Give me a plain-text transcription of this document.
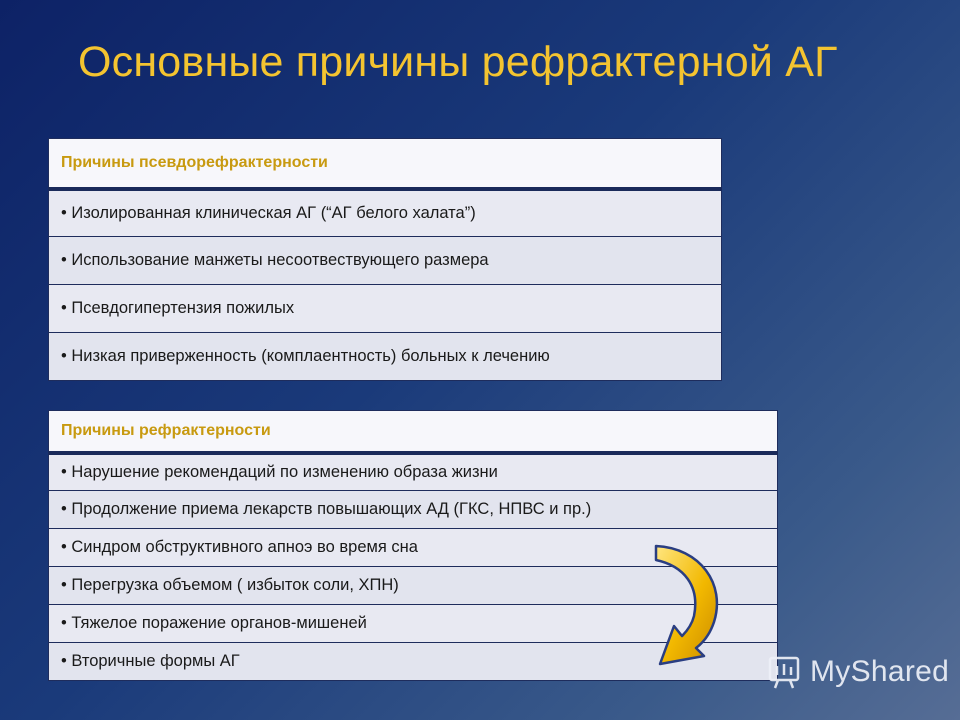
Основные причины рефрактерной АГ
Причины псевдорефрактерности
• Изолированная клиническая АГ (“АГ белого халата”)
• Использование манжеты несоотвествующего размера
• Псевдогипертензия пожилых
• Низкая приверженность (комплаентность) больных к лечению
Причины рефрактерности
• Нарушение рекомендаций по изменению образа жизни
• Продолжение приема лекарств повышающих АД (ГКС, НПВС и пр.)
• Синдром обструктивного апноэ во время сна
• Перегрузка объемом ( избыток соли, ХПН)
• Тяжелое поражение органов-мишеней
• Вторичные формы АГ	MyShared
